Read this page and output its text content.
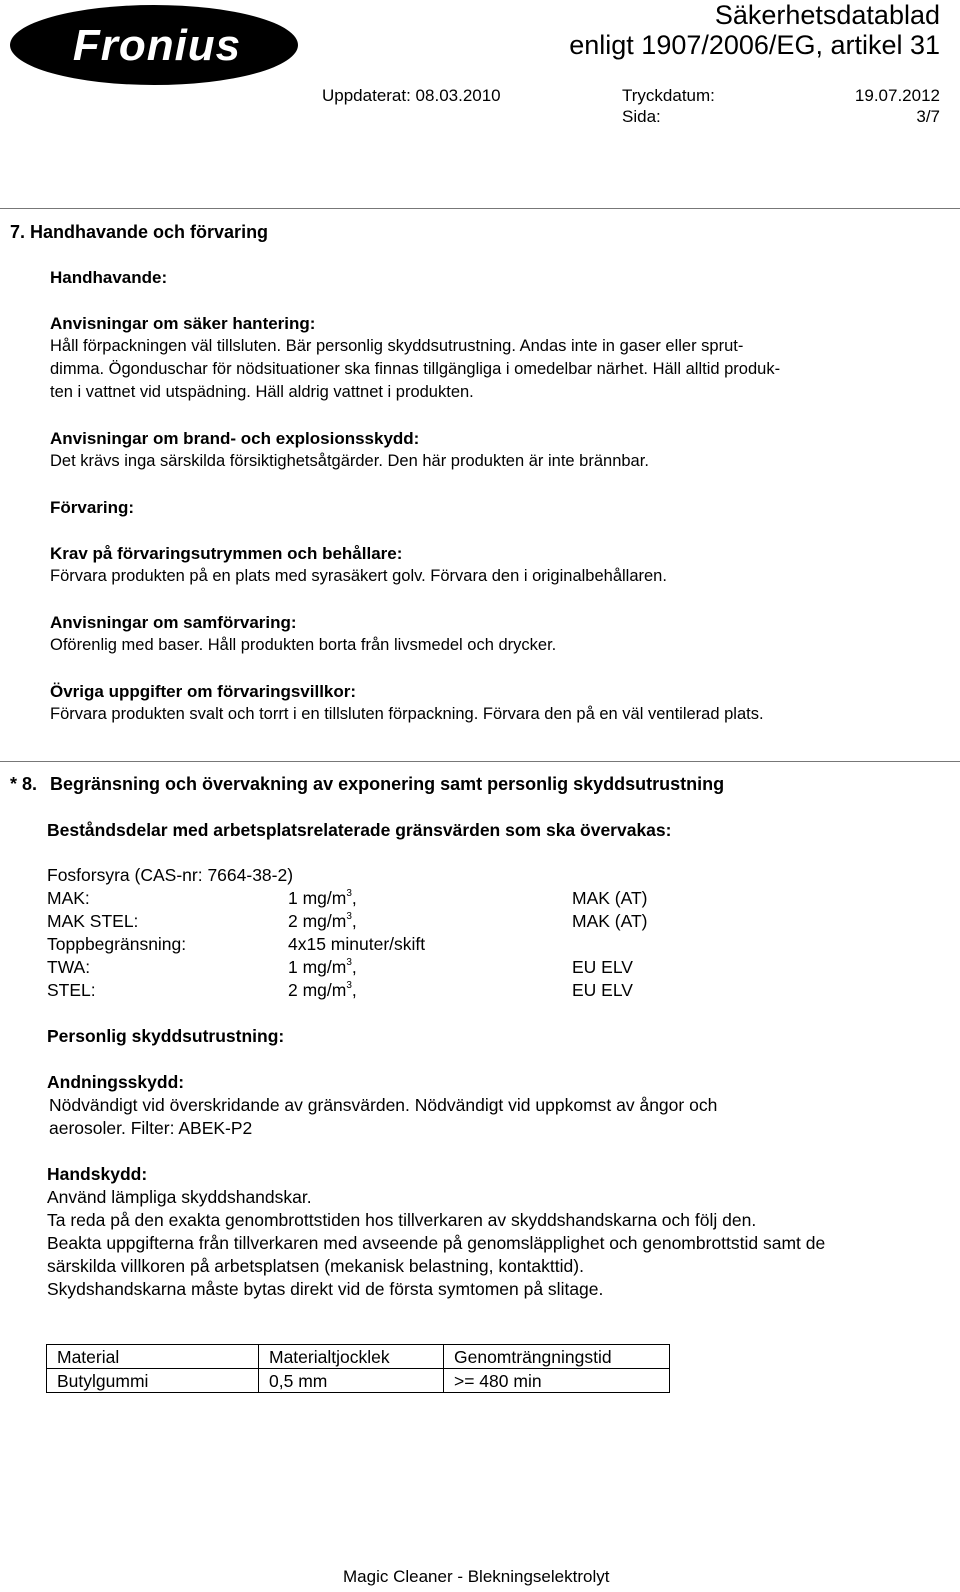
Fronius
Säkerhetsdatablad
enligt 1907/2006/EG, artikel 31
Uppdaterat: 08.03.2010	Tryckdatum:	19.07.2012
Sida:	3/7
7. Handhavande och förvaring
Handhavande:
Anvisningar om säker hantering:
Håll förpackningen väl tillsluten. Bär personlig skyddsutrustning. Andas inte in gaser eller sprut-
dimma. Ögonduschar för nödsituationer ska finnas tillgängliga i omedelbar närhet. Häll alltid produk-
ten i vattnet vid utspädning. Häll aldrig vattnet i produkten.
Anvisningar om brand- och explosionsskydd:
Det krävs inga särskilda försiktighetsåtgärder. Den här produkten är inte brännbar.
Förvaring:
Krav på förvaringsutrymmen och behållare:
Förvara produkten på en plats med syrasäkert golv. Förvara den i originalbehållaren.
Anvisningar om samförvaring:
Oförenlig med baser. Håll produkten borta från livsmedel och drycker.
Övriga uppgifter om förvaringsvillkor:
Förvara produkten svalt och torrt i en tillsluten förpackning. Förvara den på en väl ventilerad plats.
* 8. Begränsning och övervakning av exponering samt personlig skyddsutrustning
Beståndsdelar med arbetsplatsrelaterade gränsvärden som ska övervakas:
Fosforsyra (CAS-nr: 7664-38-2)
MAK:	1 $mg/m^3$,	MAK (AT)
MAK STEL:	2 $mg/m^3$,	MAK (AT)
Toppbegränsning:	4x15 minuter/skift
TWA:	1 $mg/m^3$,	EU ELV
STEL:	2 $mg/m^3$,	EU ELV
Personlig skyddsutrustning:
Andningsskydd:
Nödvändigt vid överskridande av gränsvärden. Nödvändigt vid uppkomst av ångor och
aerosoler. Filter: ABEK-P2
Handskydd:
Använd lämpliga skyddshandskar.
Ta reda på den exakta genombrottstiden hos tillverkaren av skyddshandskarna och följ den.
Beakta uppgifterna från tillverkaren med avseende på genomsläpplighet och genombrottstid samt de
särskilda villkoren på arbetsplatsen (mekanisk belastning, kontakttid).
Skydshandskarna måste bytas direkt vid de första symtomen på slitage.
Material	Materialtjocklek	Genomträngningstid
Butylgummi	0,5 mm	>= 480 min
Magic Cleaner - Blekningselektrolyt
